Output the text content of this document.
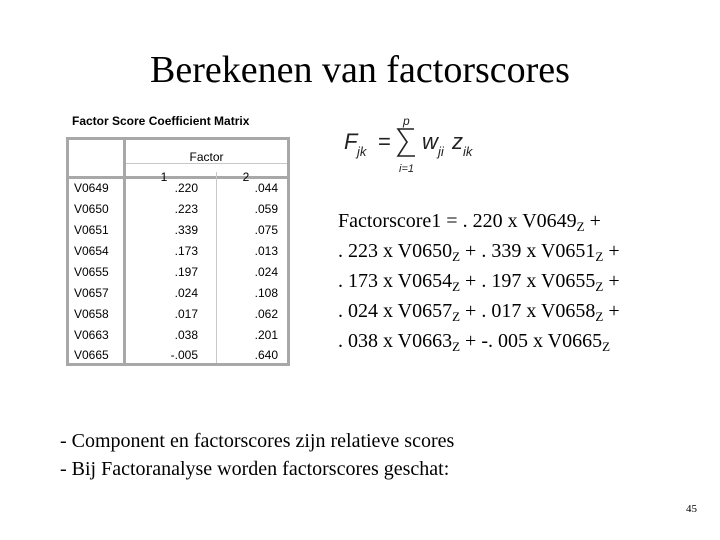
Berekenen van factorscores
Factor Score Coefficient Matrix
Factor
1	2
V0649	.220	.044
V0650	.223	.059
V0651	.339	.075
V0654	.173	.013
V0655	.197	.024
V0657	.024	.108
V0658	.017	.062
V0663	.038	.201
V0665	-.005	.640
F jk =
p
i=1
w ji z ik
Factorscore1 = . 220 x $V0649_Z$ +
. 223 x $V0650_Z$ + . 339 x $V0651_Z$ +
. 173 x $V0654_Z$ + . 197 x $V0655_Z$ +
. 024 x $V0657_Z$ + . 017 x $V0658_Z$ +
. 038 x $V0663_Z$ + -. 005 x $V0665_Z$
- Component en factorscores zijn relatieve scores
- Bij Factoranalyse worden factorscores geschat:
45
